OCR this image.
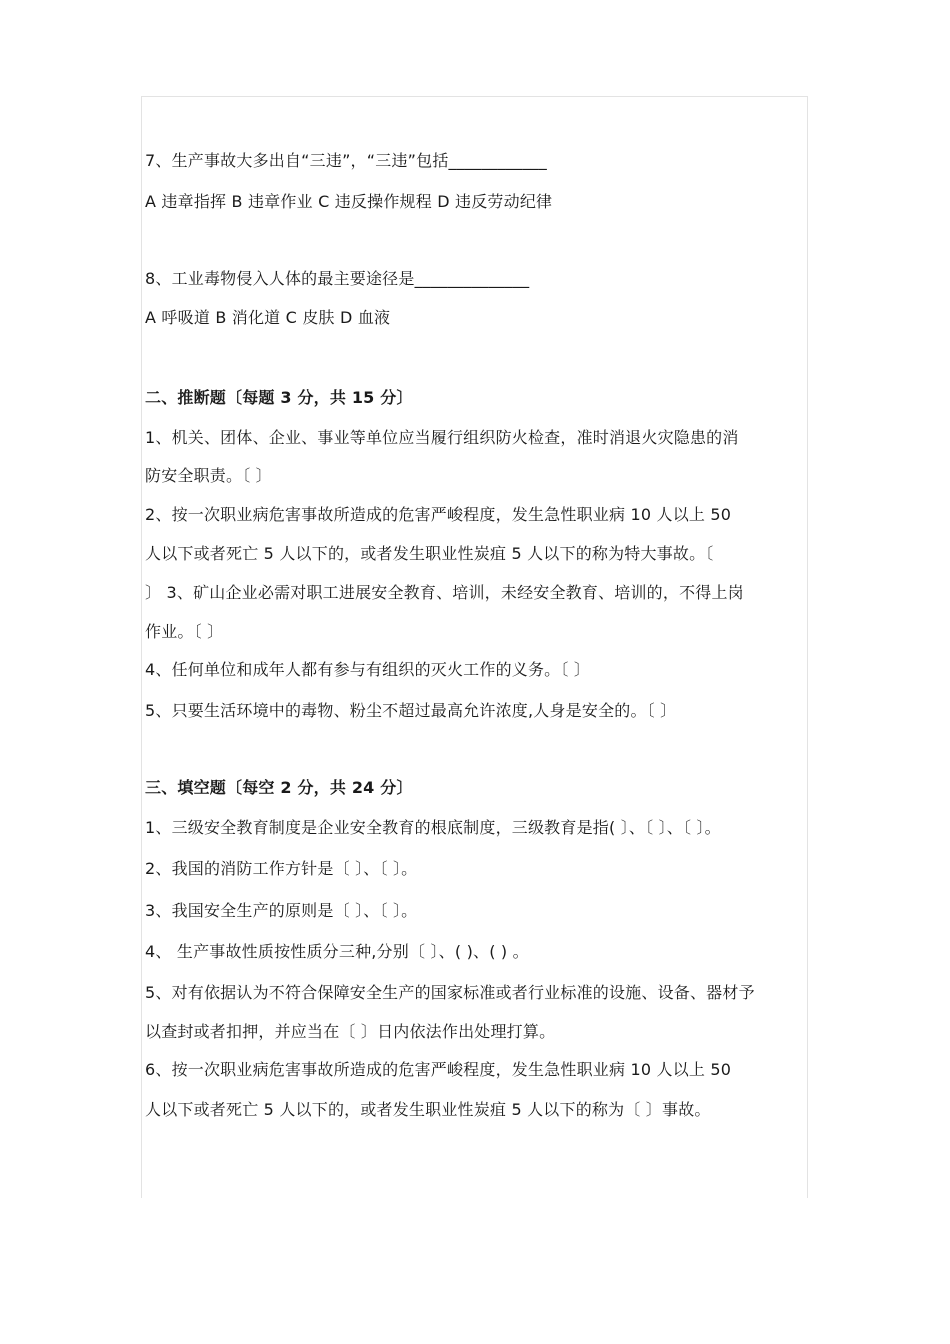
7、生产事故大多出自“三违”，“三违”包括____________
A 违章指挥 B 违章作业 C 违反操作规程 D 违反劳动纪律
8、工业毒物侵入人体的最主要途径是______________
A 呼吸道 B 消化道 C 皮肤 D 血液
二、推断题〔每题 3 分，共 15 分〕
1、机关、团体、企业、事业等单位应当履行组织防火检查，准时消退火灾隐患的消
防安全职责。〔 〕
2、按一次职业病危害事故所造成的危害严峻程度，发生急性职业病 10 人以上 50
人以下或者死亡 5 人以下的，或者发生职业性炭疽 5 人以下的称为特大事故。〔
〕 3、矿山企业必需对职工进展安全教育、培训，未经安全教育、培训的，不得上岗
作业。〔 〕
4、任何单位和成年人都有参与有组织的灭火工作的义务。〔 〕
5、只要生活环境中的毒物、粉尘不超过最高允许浓度,人身是安全的。〔 〕
三、填空题〔每空 2 分，共 24 分〕
1、三级安全教育制度是企业安全教育的根底制度，三级教育是指( 〕、〔 〕、〔 〕。
2、我国的消防工作方针是〔 〕、〔 〕。
3、我国安全生产的原则是〔 〕、〔 〕。
4、 生产事故性质按性质分三种,分别〔 〕、( )、( ) 。
5、对有依据认为不符合保障安全生产的国家标准或者行业标准的设施、设备、器材予
以查封或者扣押，并应当在〔 〕日内依法作出处理打算。
6、按一次职业病危害事故所造成的危害严峻程度，发生急性职业病 10 人以上 50
人以下或者死亡 5 人以下的，或者发生职业性炭疽 5 人以下的称为〔 〕事故。
